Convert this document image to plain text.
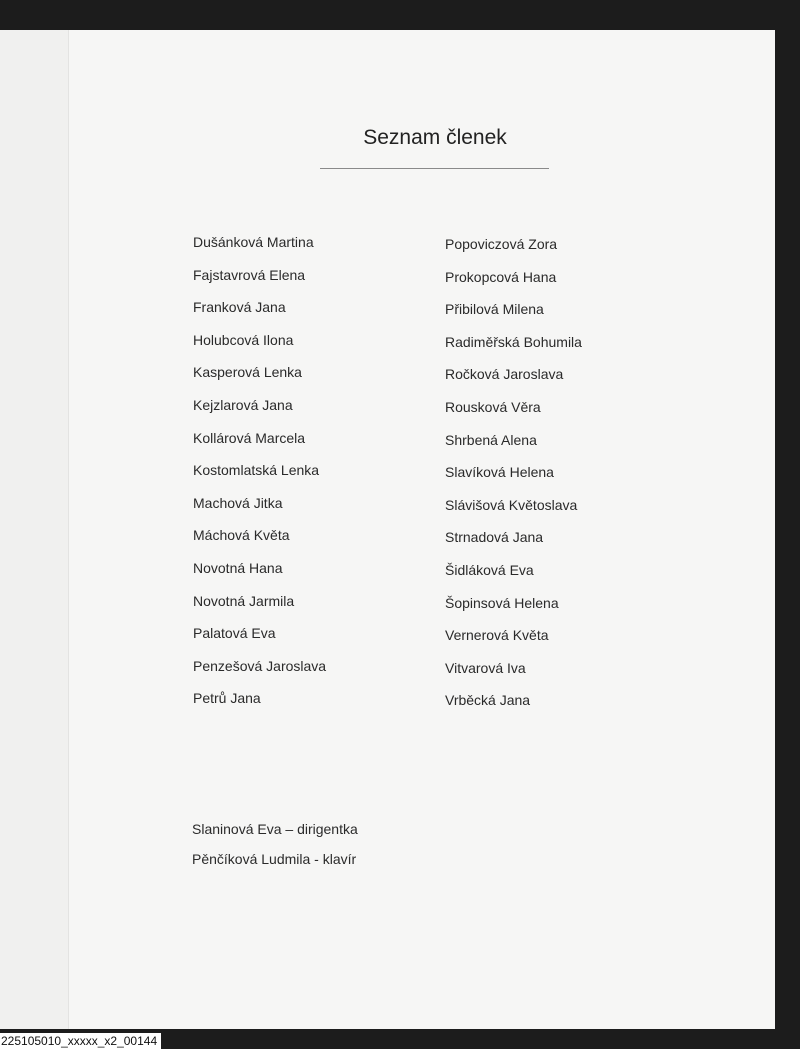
Seznam členek
Dušánková Martina
Fajstavrová Elena
Franková Jana
Holubcová Ilona
Kasperová Lenka
Kejzlarová Jana
Kollárová Marcela
Kostomlatská Lenka
Machová Jitka
Máchová Květa
Novotná Hana
Novotná Jarmila
Palatová Eva
Penzešová Jaroslava
Petrů Jana
Popoviczová Zora
Prokopcová Hana
Přibilová Milena
Radiměřská Bohumila
Ročková Jaroslava
Rousková Věra
Shrbená Alena
Slavíková Helena
Slávišová Květoslava
Strnadová Jana
Šidláková Eva
Šopinsová Helena
Vernerová Květa
Vitvarová Iva
Vrběcká Jana
Slaninová Eva – dirigentka
Pěnčíková Ludmila - klavír
225105010_xxxxx_x2_00144
